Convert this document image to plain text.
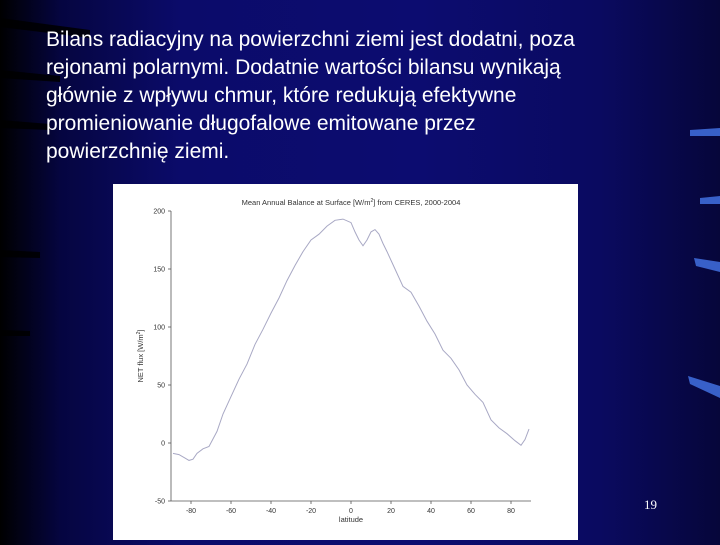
Bilans radiacyjny na powierzchni ziemi jest dodatni, poza
rejonami polarnymi. Dodatnie wartości bilansu wynikają
głównie z wpływu chmur, które redukują efektywne
promieniowanie długofalowe emitowane przez
powierzchnię ziemi.

Mean Annual Balance at Surface $[W/m^2]$ from CERES, 2000-2004
-50
0
50
100
150
200
-80	-60	-40	-20	0	20	40	60	80
NET flux $[W/m^2]$
latitude
19
